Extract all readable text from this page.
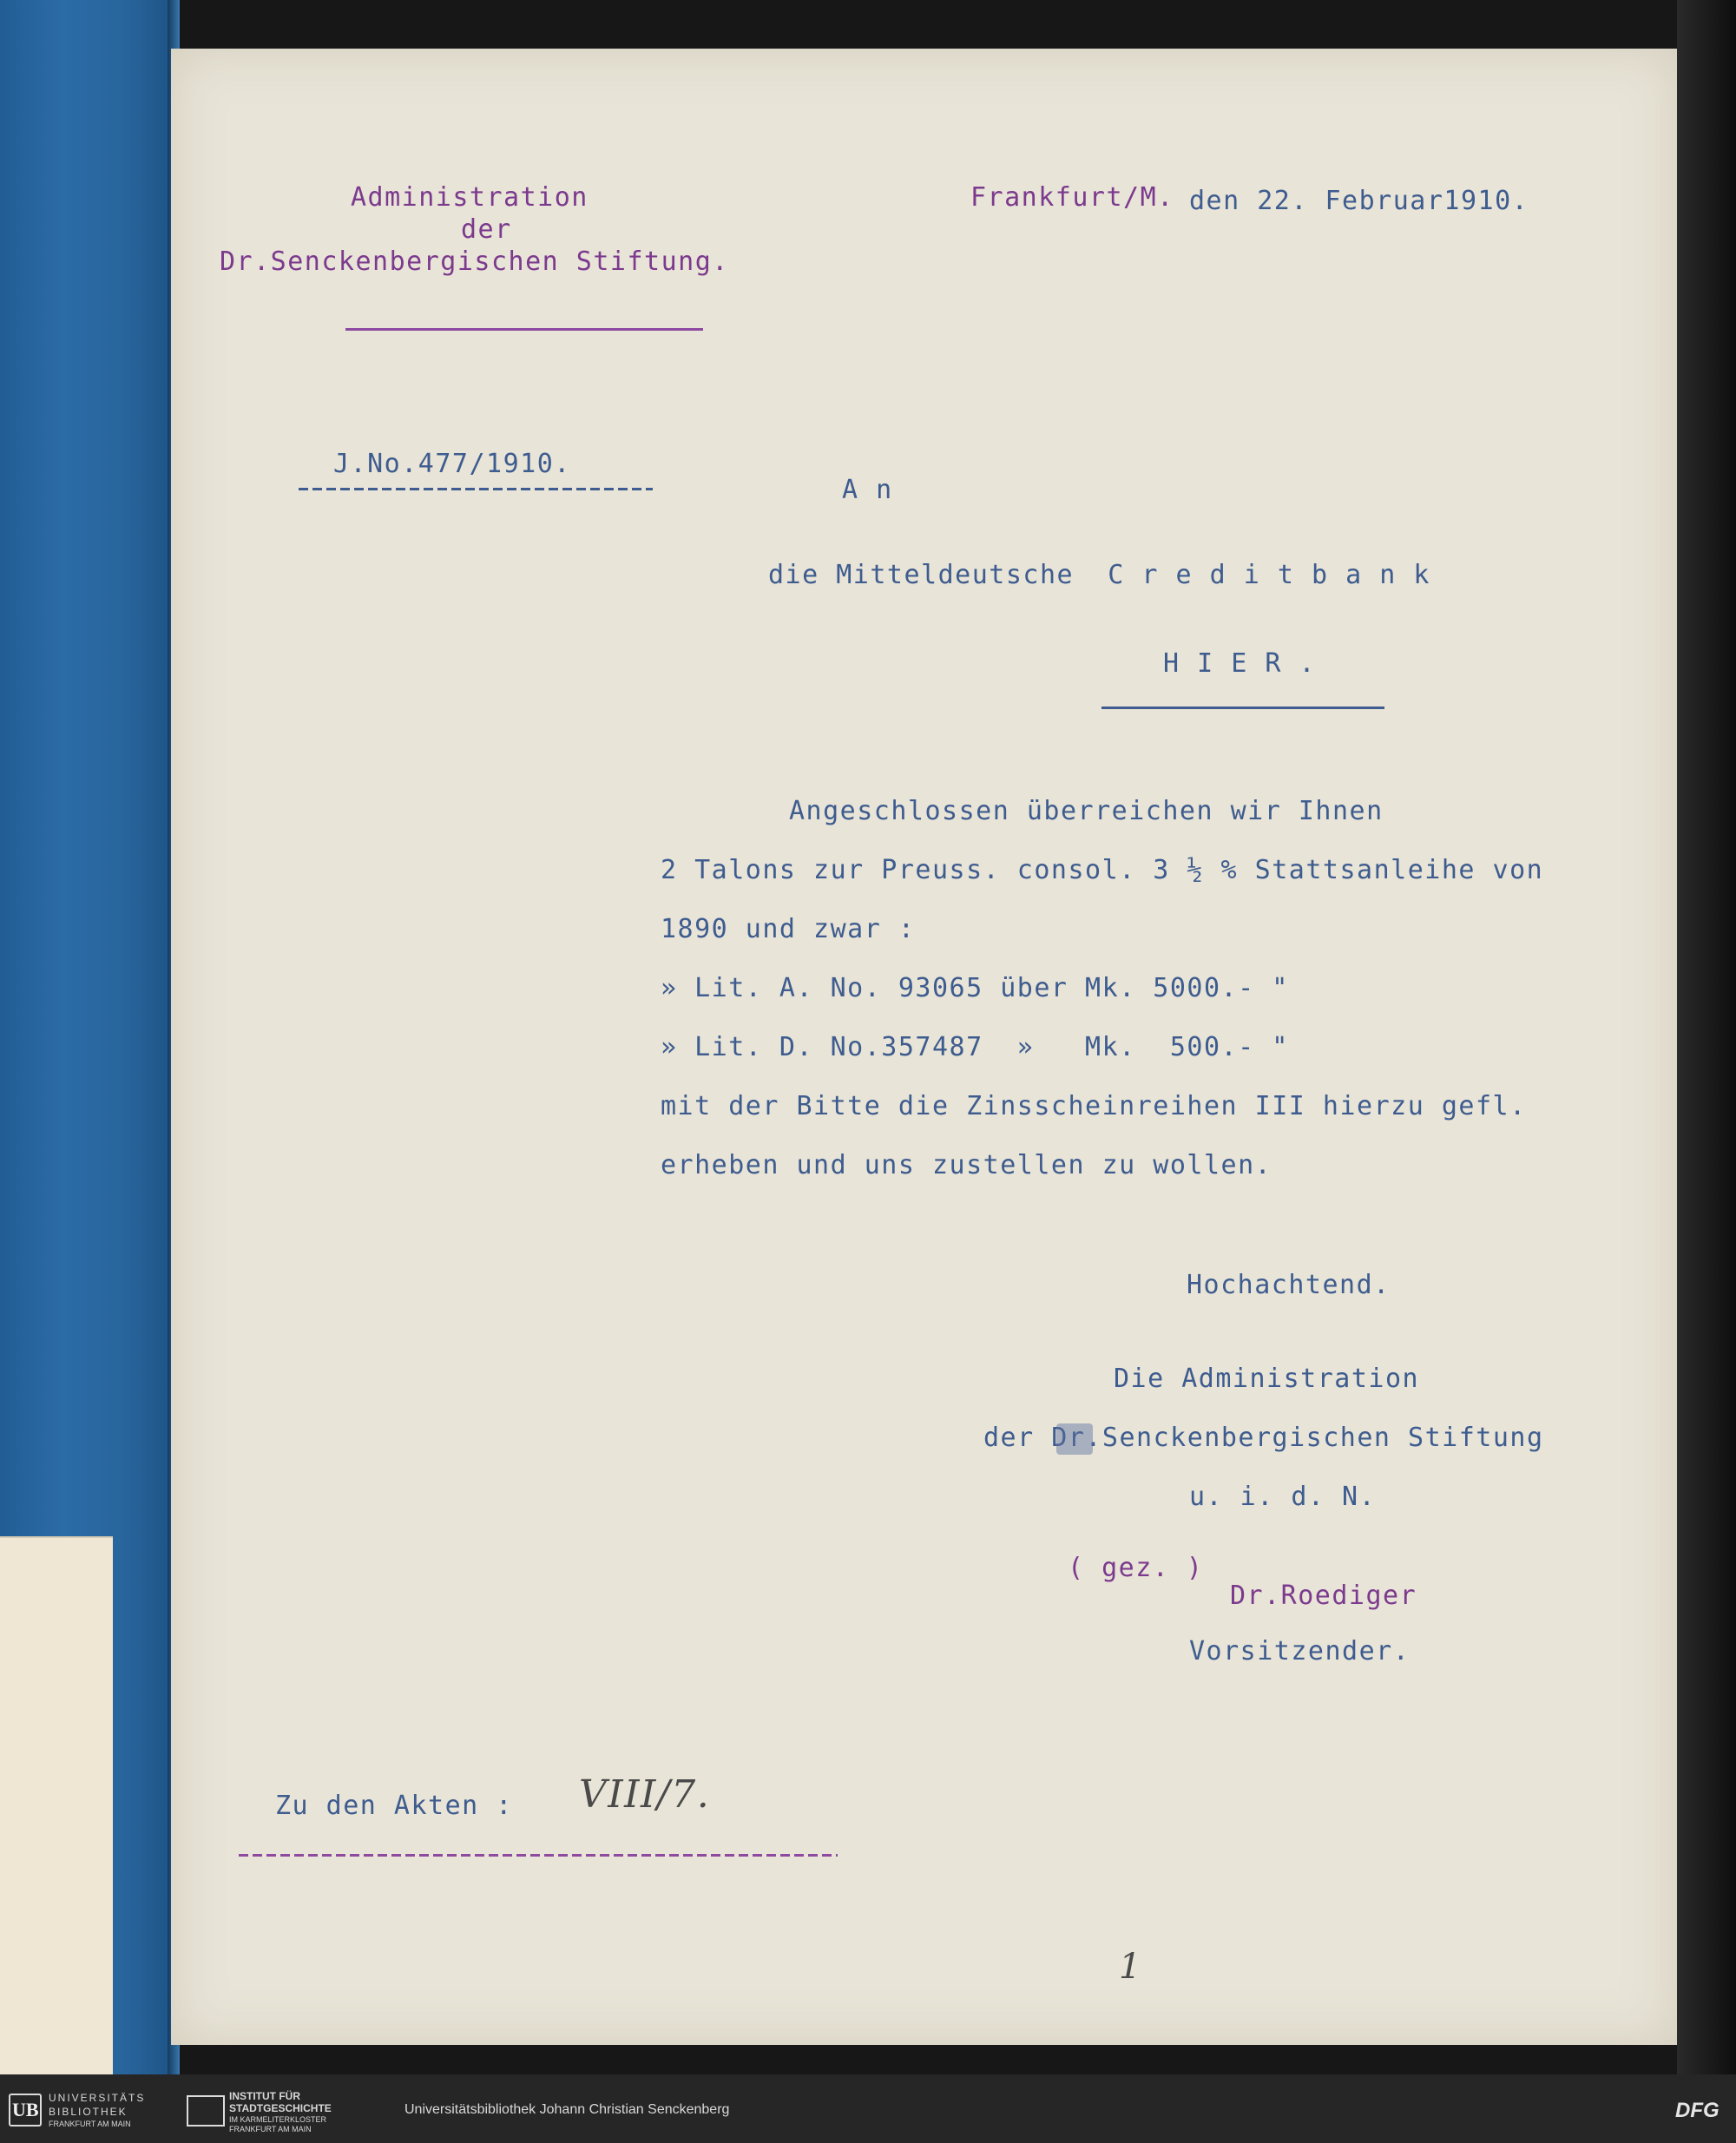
Administration
der
Dr.Senckenbergischen Stiftung.
Frankfurt/M. den 22. Februar1910.
J.No.477/1910.
A n
die Mitteldeutsche  C r e d i t b a n k
H I E R .
Angeschlossen überreichen wir Ihnen
2 Talons zur Preuss. consol. 3 ½ % Stattsanleihe von
1890 und zwar :
» Lit. A. No. 93065 über Mk. 5000.- "
» Lit. D. No.357487  »   Mk.  500.- "
mit der Bitte die Zinsscheinreihen III hierzu gefl.
erheben und uns zustellen zu wollen.
Hochachtend.
Die Administration
der Dr.Senckenbergischen Stiftung
u. i. d. N.
( gez. )
Dr.Roediger
Vorsitzender.
Zu den Akten : VIII/7.
1
UB
UNIVERSITÄTS
BIBLIOTHEK
FRANKFURT AM MAIN
INSTITUT FÜR
STADTGESCHICHTE
IM KARMELITERKLOSTER
FRANKFURT AM MAIN
Universitätsbibliothek Johann Christian Senckenberg	DFG
